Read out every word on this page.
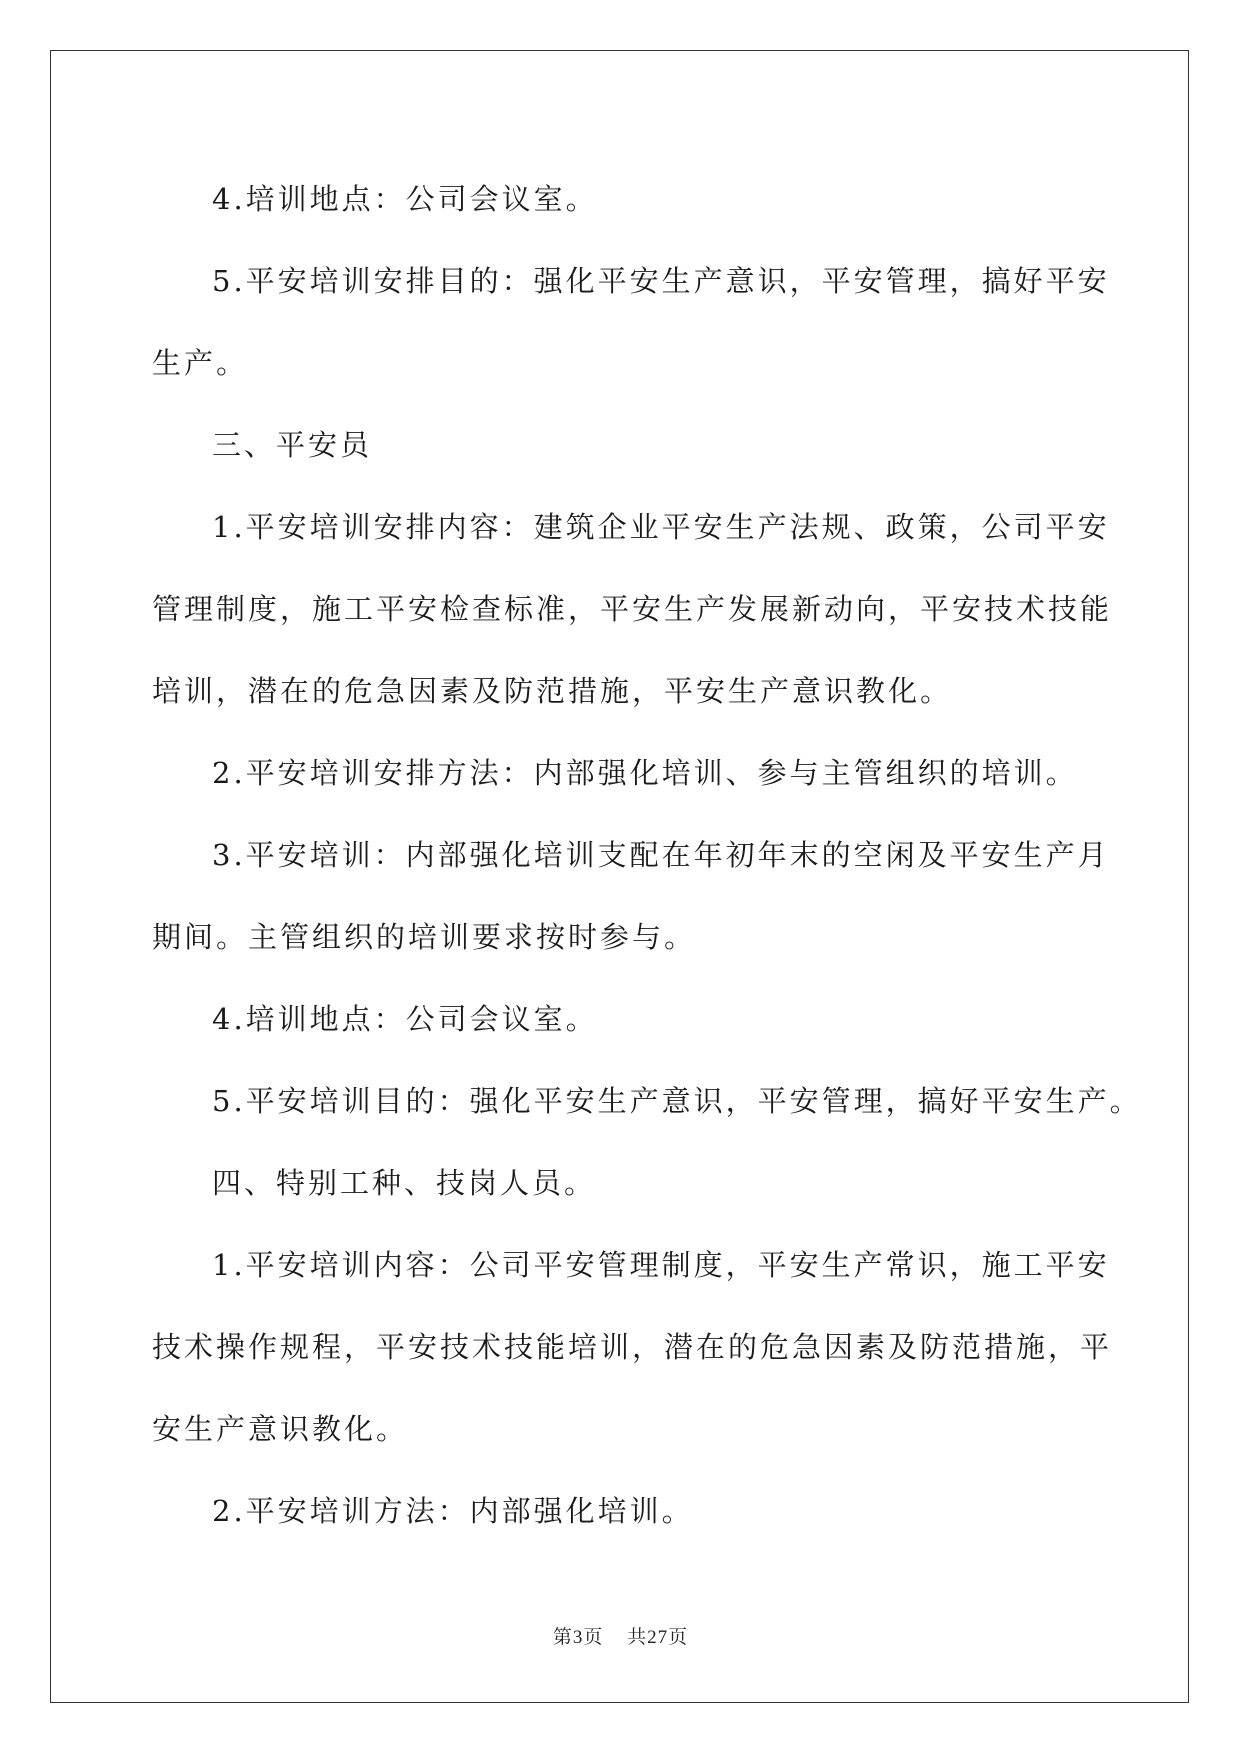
4.培训地点：公司会议室。

5.平安培训安排目的：强化平安生产意识，平安管理，搞好平安

生产。

三、平安员

1.平安培训安排内容：建筑企业平安生产法规、政策，公司平安

管理制度，施工平安检查标准，平安生产发展新动向，平安技术技能

培训，潜在的危急因素及防范措施，平安生产意识教化。

2.平安培训安排方法：内部强化培训、参与主管组织的培训。

3.平安培训：内部强化培训支配在年初年末的空闲及平安生产月

期间。主管组织的培训要求按时参与。

4.培训地点：公司会议室。

5.平安培训目的：强化平安生产意识，平安管理，搞好平安生产。

四、特别工种、技岗人员。

1.平安培训内容：公司平安管理制度，平安生产常识，施工平安

技术操作规程，平安技术技能培训，潜在的危急因素及防范措施，平

安生产意识教化。

2.平安培训方法：内部强化培训。

第3页 共27页
